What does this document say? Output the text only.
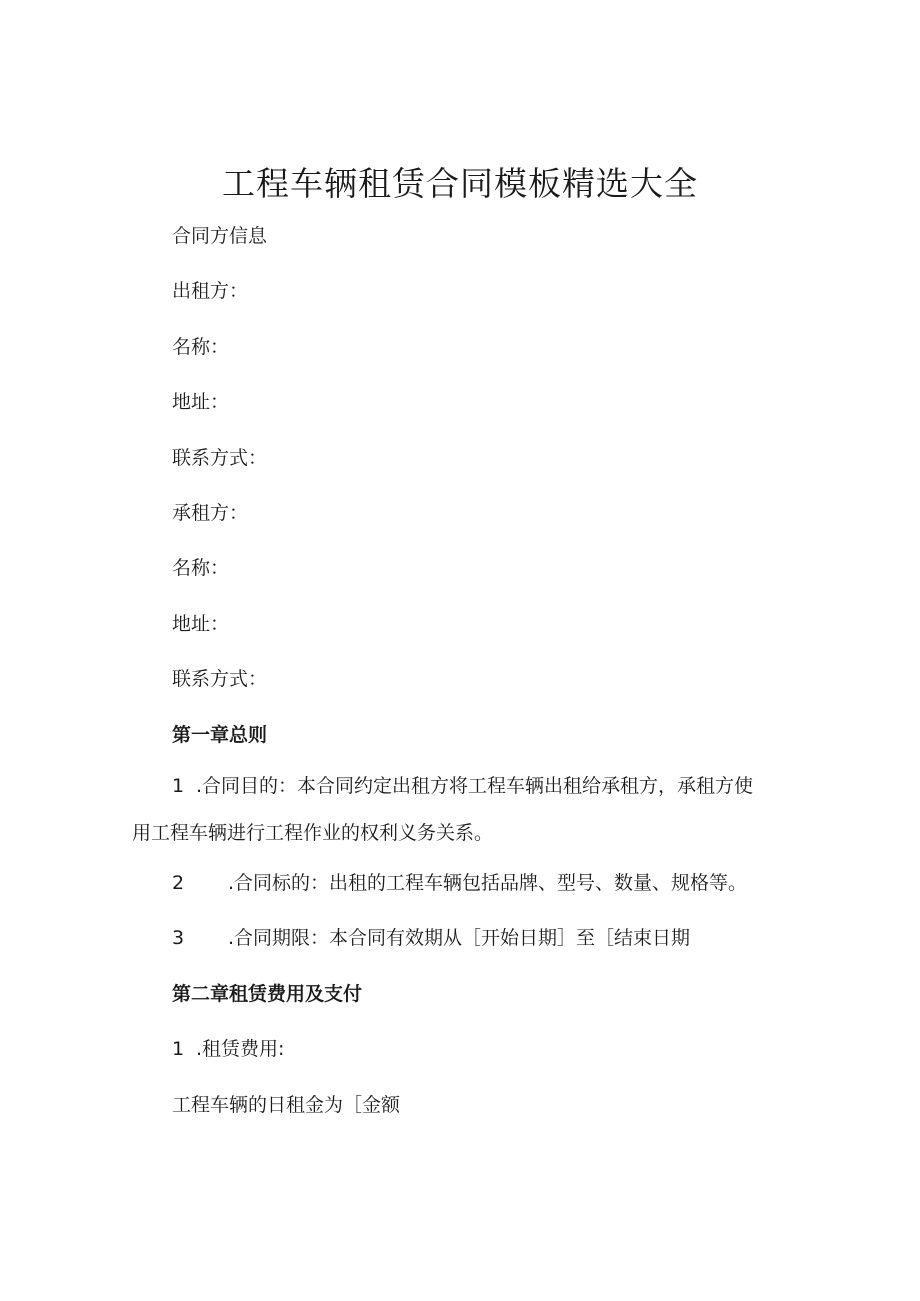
工程车辆租赁合同模板精选大全

合同方信息

出租方：

名称：

地址：

联系方式：

承租方：

名称：

地址：

联系方式：

第一章总则

1 .合同目的：本合同约定出租方将工程车辆出租给承租方，承租方使
用工程车辆进行工程作业的权利义务关系。

2 .合同标的：出租的工程车辆包括品牌、型号、数量、规格等。

3 .合同期限：本合同有效期从［开始日期］至［结束日期

第二章租赁费用及支付

1 .租赁费用:

工程车辆的日租金为［金额
